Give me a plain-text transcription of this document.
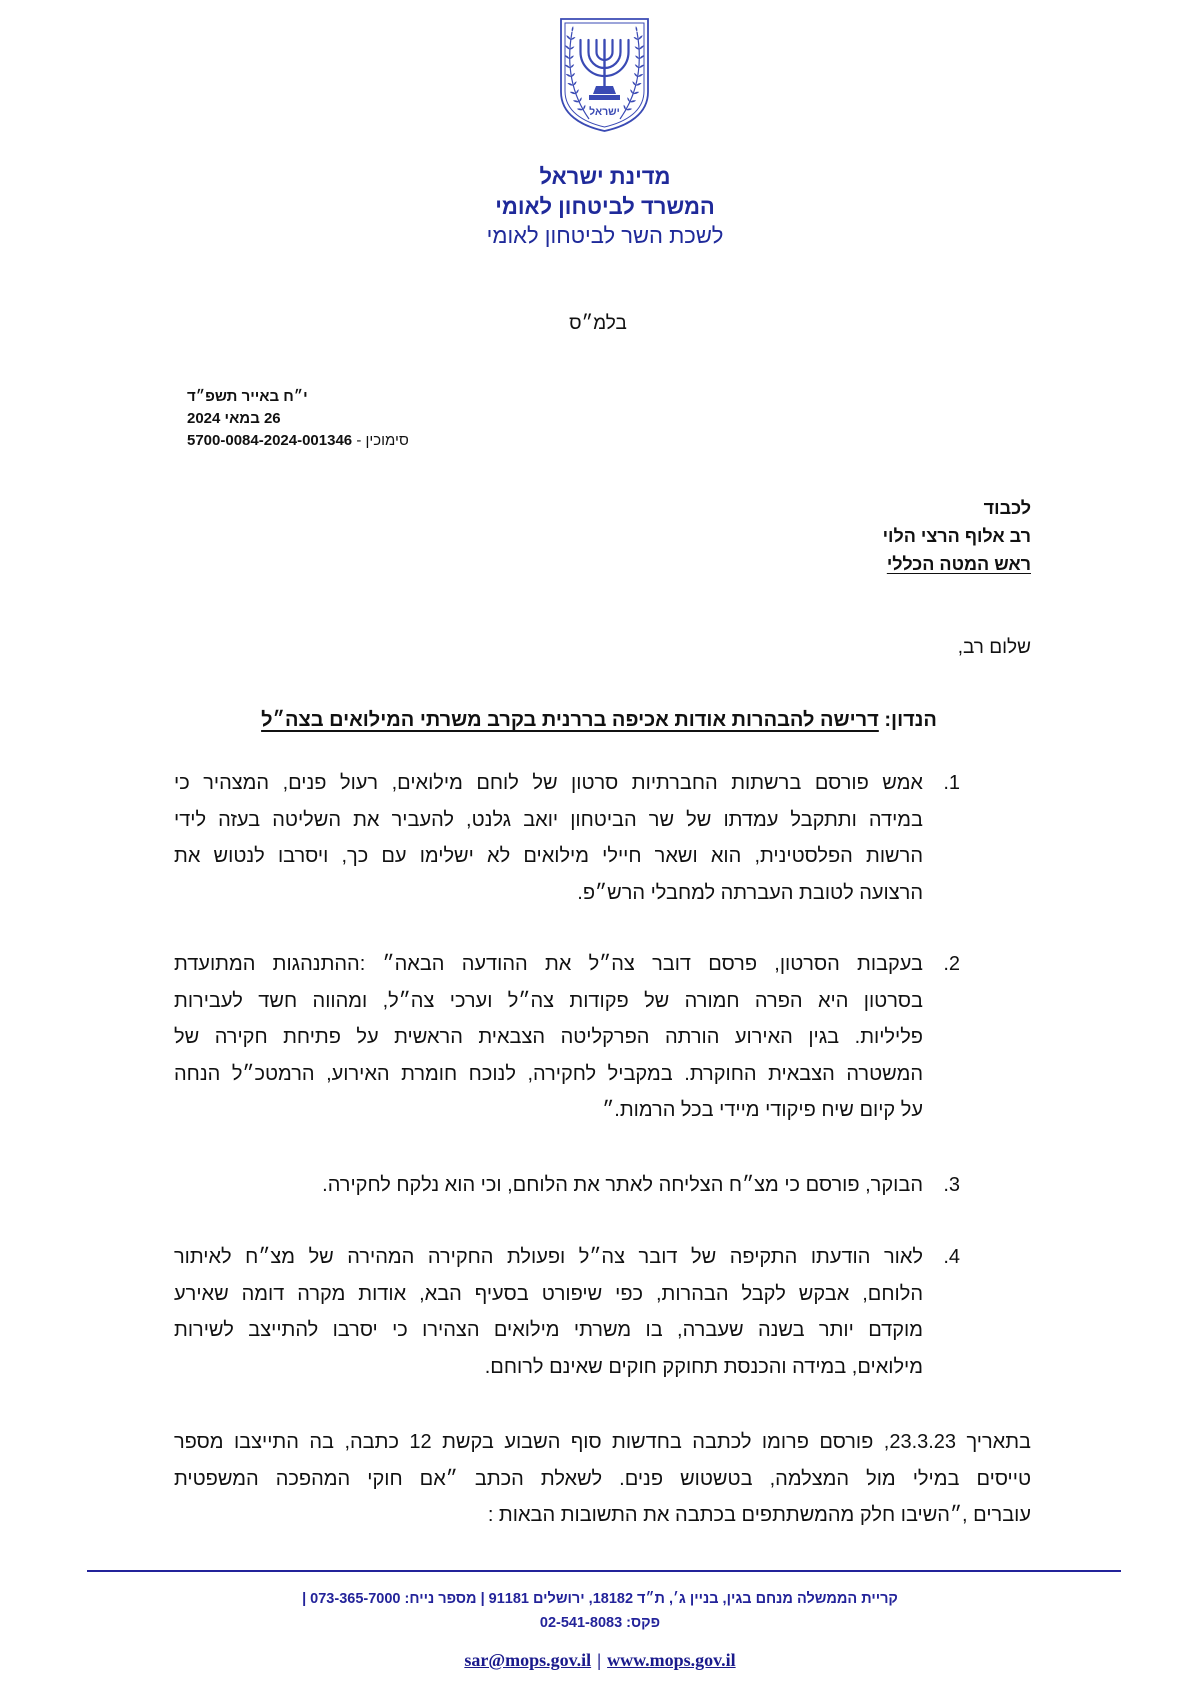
ישראל
מדינת ישראל
המשרד לביטחון לאומי
לשכת השר לביטחון לאומי
בלמ״ס
י״ח באייר תשפ״ד
26 במאי 2024
סימוכין - 5700-0084-2024-001346
לכבוד
רב אלוף הרצי הלוי
ראש המטה הכללי
שלום רב,
הנדון: דרישה להבהרות אודות אכיפה בררנית בקרב משרתי המילואים בצה״ל
1.
אמש פורסם ברשתות החברתיות סרטון של לוחם מילואים, רעול פנים, המצהיר כי
במידה ותתקבל עמדתו של שר הביטחון יואב גלנט, להעביר את השליטה בעזה לידי
הרשות הפלסטינית, הוא ושאר חיילי מילואים לא ישלימו עם כך, ויסרבו לנטוש את
הרצועה לטובת העברתה למחבלי הרש״פ.
2.
בעקבות הסרטון, פרסם דובר צה״ל את ההודעה הבאה״ :ההתנהגות המתועדת
בסרטון היא הפרה חמורה של פקודות צה״ל וערכי צה״ל, ומהווה חשד לעבירות
פליליות. בגין האירוע הורתה הפרקליטה הצבאית הראשית על פתיחת חקירה של
המשטרה הצבאית החוקרת. במקביל לחקירה, לנוכח חומרת האירוע, הרמטכ״ל הנחה
על קיום שיח פיקודי מיידי בכל הרמות.״
3.
הבוקר, פורסם כי מצ״ח הצליחה לאתר את הלוחם, וכי הוא נלקח לחקירה.
4.
לאור הודעתו התקיפה של דובר צה״ל ופעולת החקירה המהירה של מצ״ח לאיתור
הלוחם, אבקש לקבל הבהרות, כפי שיפורט בסעיף הבא, אודות מקרה דומה שאירע
מוקדם יותר בשנה שעברה, בו משרתי מילואים הצהירו כי יסרבו להתייצב לשירות
מילואים, במידה והכנסת תחוקק חוקים שאינם לרוחם.
בתאריך 23.3.23, פורסם פרומו לכתבה בחדשות סוף השבוע בקשת 12 כתבה, בה התייצבו מספר
טייסים במילי מול המצלמה, בטשטוש פנים. לשאלת הכתב ״אם חוקי המהפכה המשפטית
עוברים ,״השיבו חלק מהמשתתפים בכתבה את התשובות הבאות :
קריית הממשלה מנחם בגין, בניין ג׳, ת״ד 18182, ירושלים 91181 | מספר נייח: 073-365-7000 |
פקס: 02-541-8083
sar@mops.gov.il | www.mops.gov.il
